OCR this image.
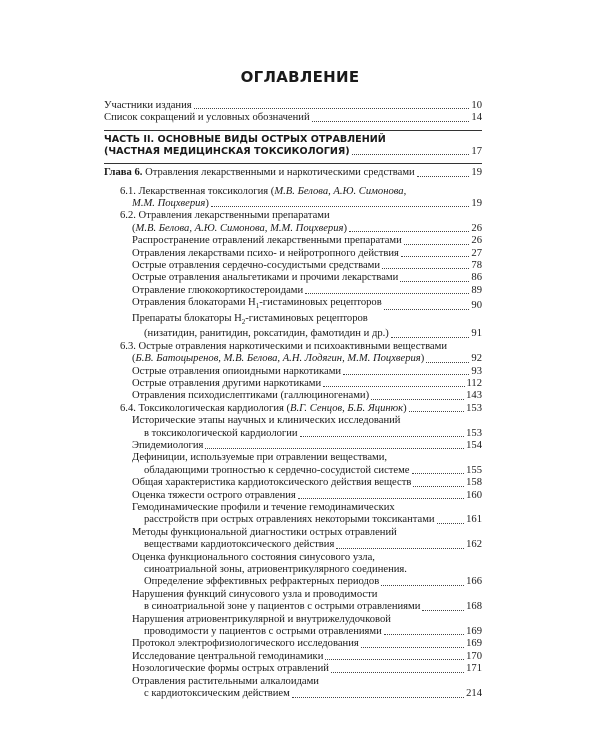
ОГЛАВЛЕНИЕ
Участники издания	10
Список сокращений и условных обозначений	14
ЧАСТЬ II. ОСНОВНЫЕ ВИДЫ ОСТРЫХ ОТРАВЛЕНИЙ
(ЧАСТНАЯ МЕДИЦИНСКАЯ ТОКСИКОЛОГИЯ)	17
Глава 6. Отравления лекарственными и наркотическими средствами	19
6.1. Лекарственная токсикология (М.В. Белова, А.Ю. Симонова,
М.М. Поцхверия)	19
6.2. Отравления лекарственными препаратами
(М.В. Белова, А.Ю. Симонова, М.М. Поцхверия)	26
Распространение отравлений лекарственными препаратами	26
Отравления лекарствами психо- и нейротропного действия	27
Острые отравления сердечно-сосудистыми средствами	78
Острые отравления анальгетиками и прочими лекарствами	86
Отравление глюкокортикостероидами	89
Отравления блокаторами $Н_1$-гистаминовых рецепторов	90
Препараты блокаторы $Н_2$-гистаминовых рецепторов
(низатидин, ранитидин, роксатидин, фамотидин и др.)	91
6.3. Острые отравления наркотическими и психоактивными веществами
(Б.В. Батоцыренов, М.В. Белова, А.Н. Лодягин, М.М. Поцхверия)	92
Острые отравления опиоидными наркотиками	93
Острые отравления другими наркотиками	112
Отравления психодислептиками (галлюциногенами)	143
6.4. Токсикологическая кардиология (В.Г. Сенцов, Б.Б. Яцинюк)	153
Исторические этапы научных и клинических исследований
в токсикологической кардиологии	153
Эпидемиология	154
Дефиниции, используемые при отравлении веществами,
обладающими тропностью к сердечно-сосудистой системе	155
Общая характеристика кардиотоксического действия веществ	158
Оценка тяжести острого отравления	160
Гемодинамические профили и течение гемодинамических
расстройств при острых отравлениях некоторыми токсикантами	161
Методы функциональной диагностики острых отравлений
веществами кардиотоксического действия	162
Оценка функционального состояния синусового узла,
синоатриальной зоны, атриовентрикулярного соединения.
Определение эффективных рефрактерных периодов	166
Нарушения функций синусового узла и проводимости
в синоатриальной зоне у пациентов с острыми отравлениями	168
Нарушения атриовентрикулярной и внутрижелудочковой
проводимости у пациентов с острыми отравлениями	169
Протокол электрофизиологического исследования	169
Исследование центральной гемодинамики	170
Нозологические формы острых отравлений	171
Отравления растительными алкалоидами
с кардиотоксическим действием	214
